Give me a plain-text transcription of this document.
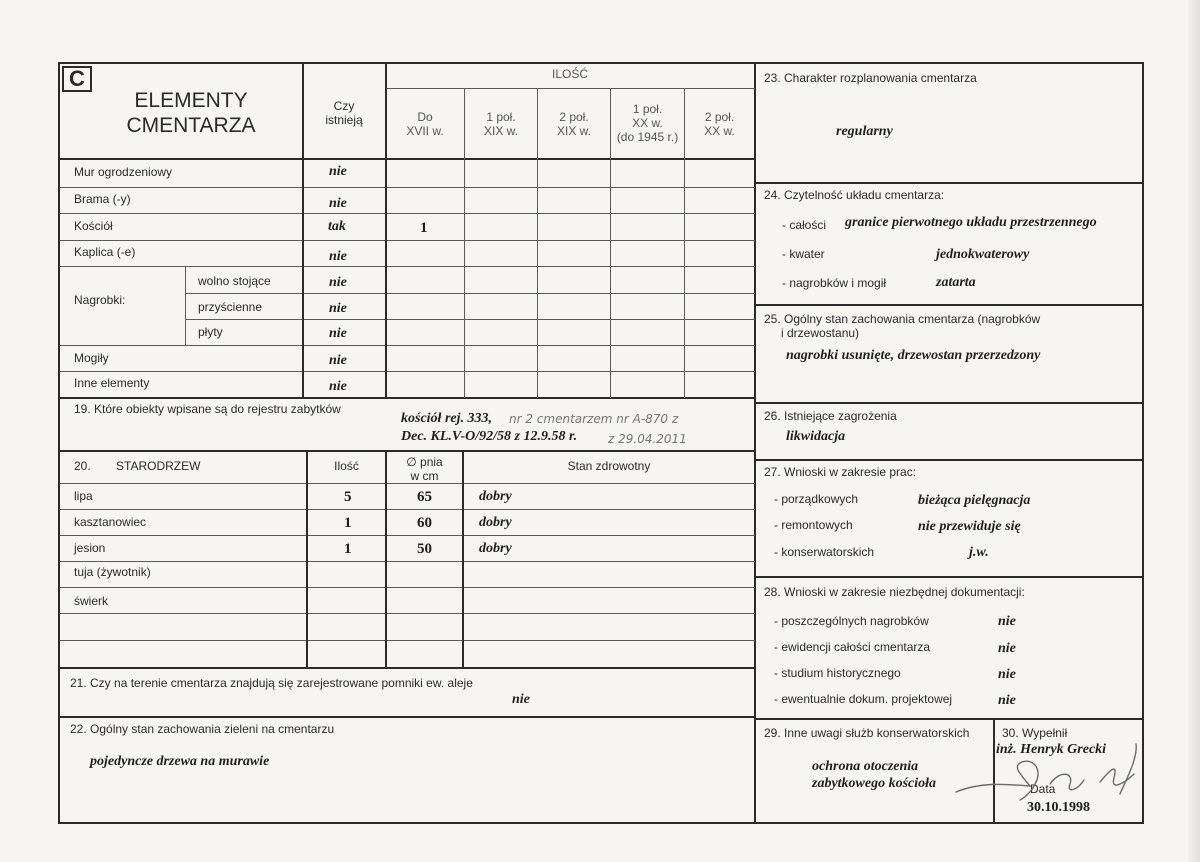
C
ELEMENTY
CMENTARZA
Czy
istnieją
ILOŚĆ
Do
XVII w.
1 poł.
XIX w.
2 poł.
XIX w.
1 poł.
XX w.
(do 1945 r.)
2 poł.
XX w.
Mur ogrodzeniowy
Brama (-y)
Kościół
Kaplica (-e)
Nagrobki:
wolno stojące
przyścienne
płyty
Mogiły
Inne elementy
nie
nie
tak
nie
nie
nie
nie
nie
nie
1
19. Które obiekty wpisane są do rejestru zabytków
kościół rej. 333,
Dec. KL.V-O/92/58 z 12.9.58 r.
nr 2 cmentarzem nr A-870 z
z 29.04.2011
20. STARODRZEW	Ilość	∅ pnia
w cm
Stan zdrowotny
lipa
kasztanowiec
jesion
tuja (żywotnik)
świerk
5
1
1
65
60
50
dobry
dobry
dobry
21. Czy na terenie cmentarza znajdują się zarejestrowane pomniki ew. aleje
nie
22. Ogólny stan zachowania zieleni na cmentarzu
pojedyncze drzewa na murawie
23. Charakter rozplanowania cmentarza
regularny
24. Czytelność układu cmentarza:
- całości
- kwater
- nagrobków i mogił
granice pierwotnego układu przestrzennego
jednokwaterowy
zatarta
25. Ogólny stan zachowania cmentarza (nagrobków
i drzewostanu)
nagrobki usunięte, drzewostan przerzedzony
26. Istniejące zagrożenia
likwidacja
27. Wnioski w zakresie prac:
- porządkowych
- remontowych
- konserwatorskich
bieżąca pielęgnacja
nie przewiduje się
j.w.
28. Wnioski w zakresie niezbędnej dokumentacji:
- poszczególnych nagrobków
- ewidencji całości cmentarza
- studium historycznego
- ewentualnie dokum. projektowej
nie
nie
nie
nie
29. Inne uwagi służb konserwatorskich
ochrona otoczenia
zabytkowego kościoła
30. Wypełnił
inż. Henryk Grecki
Data
30.10.1998
